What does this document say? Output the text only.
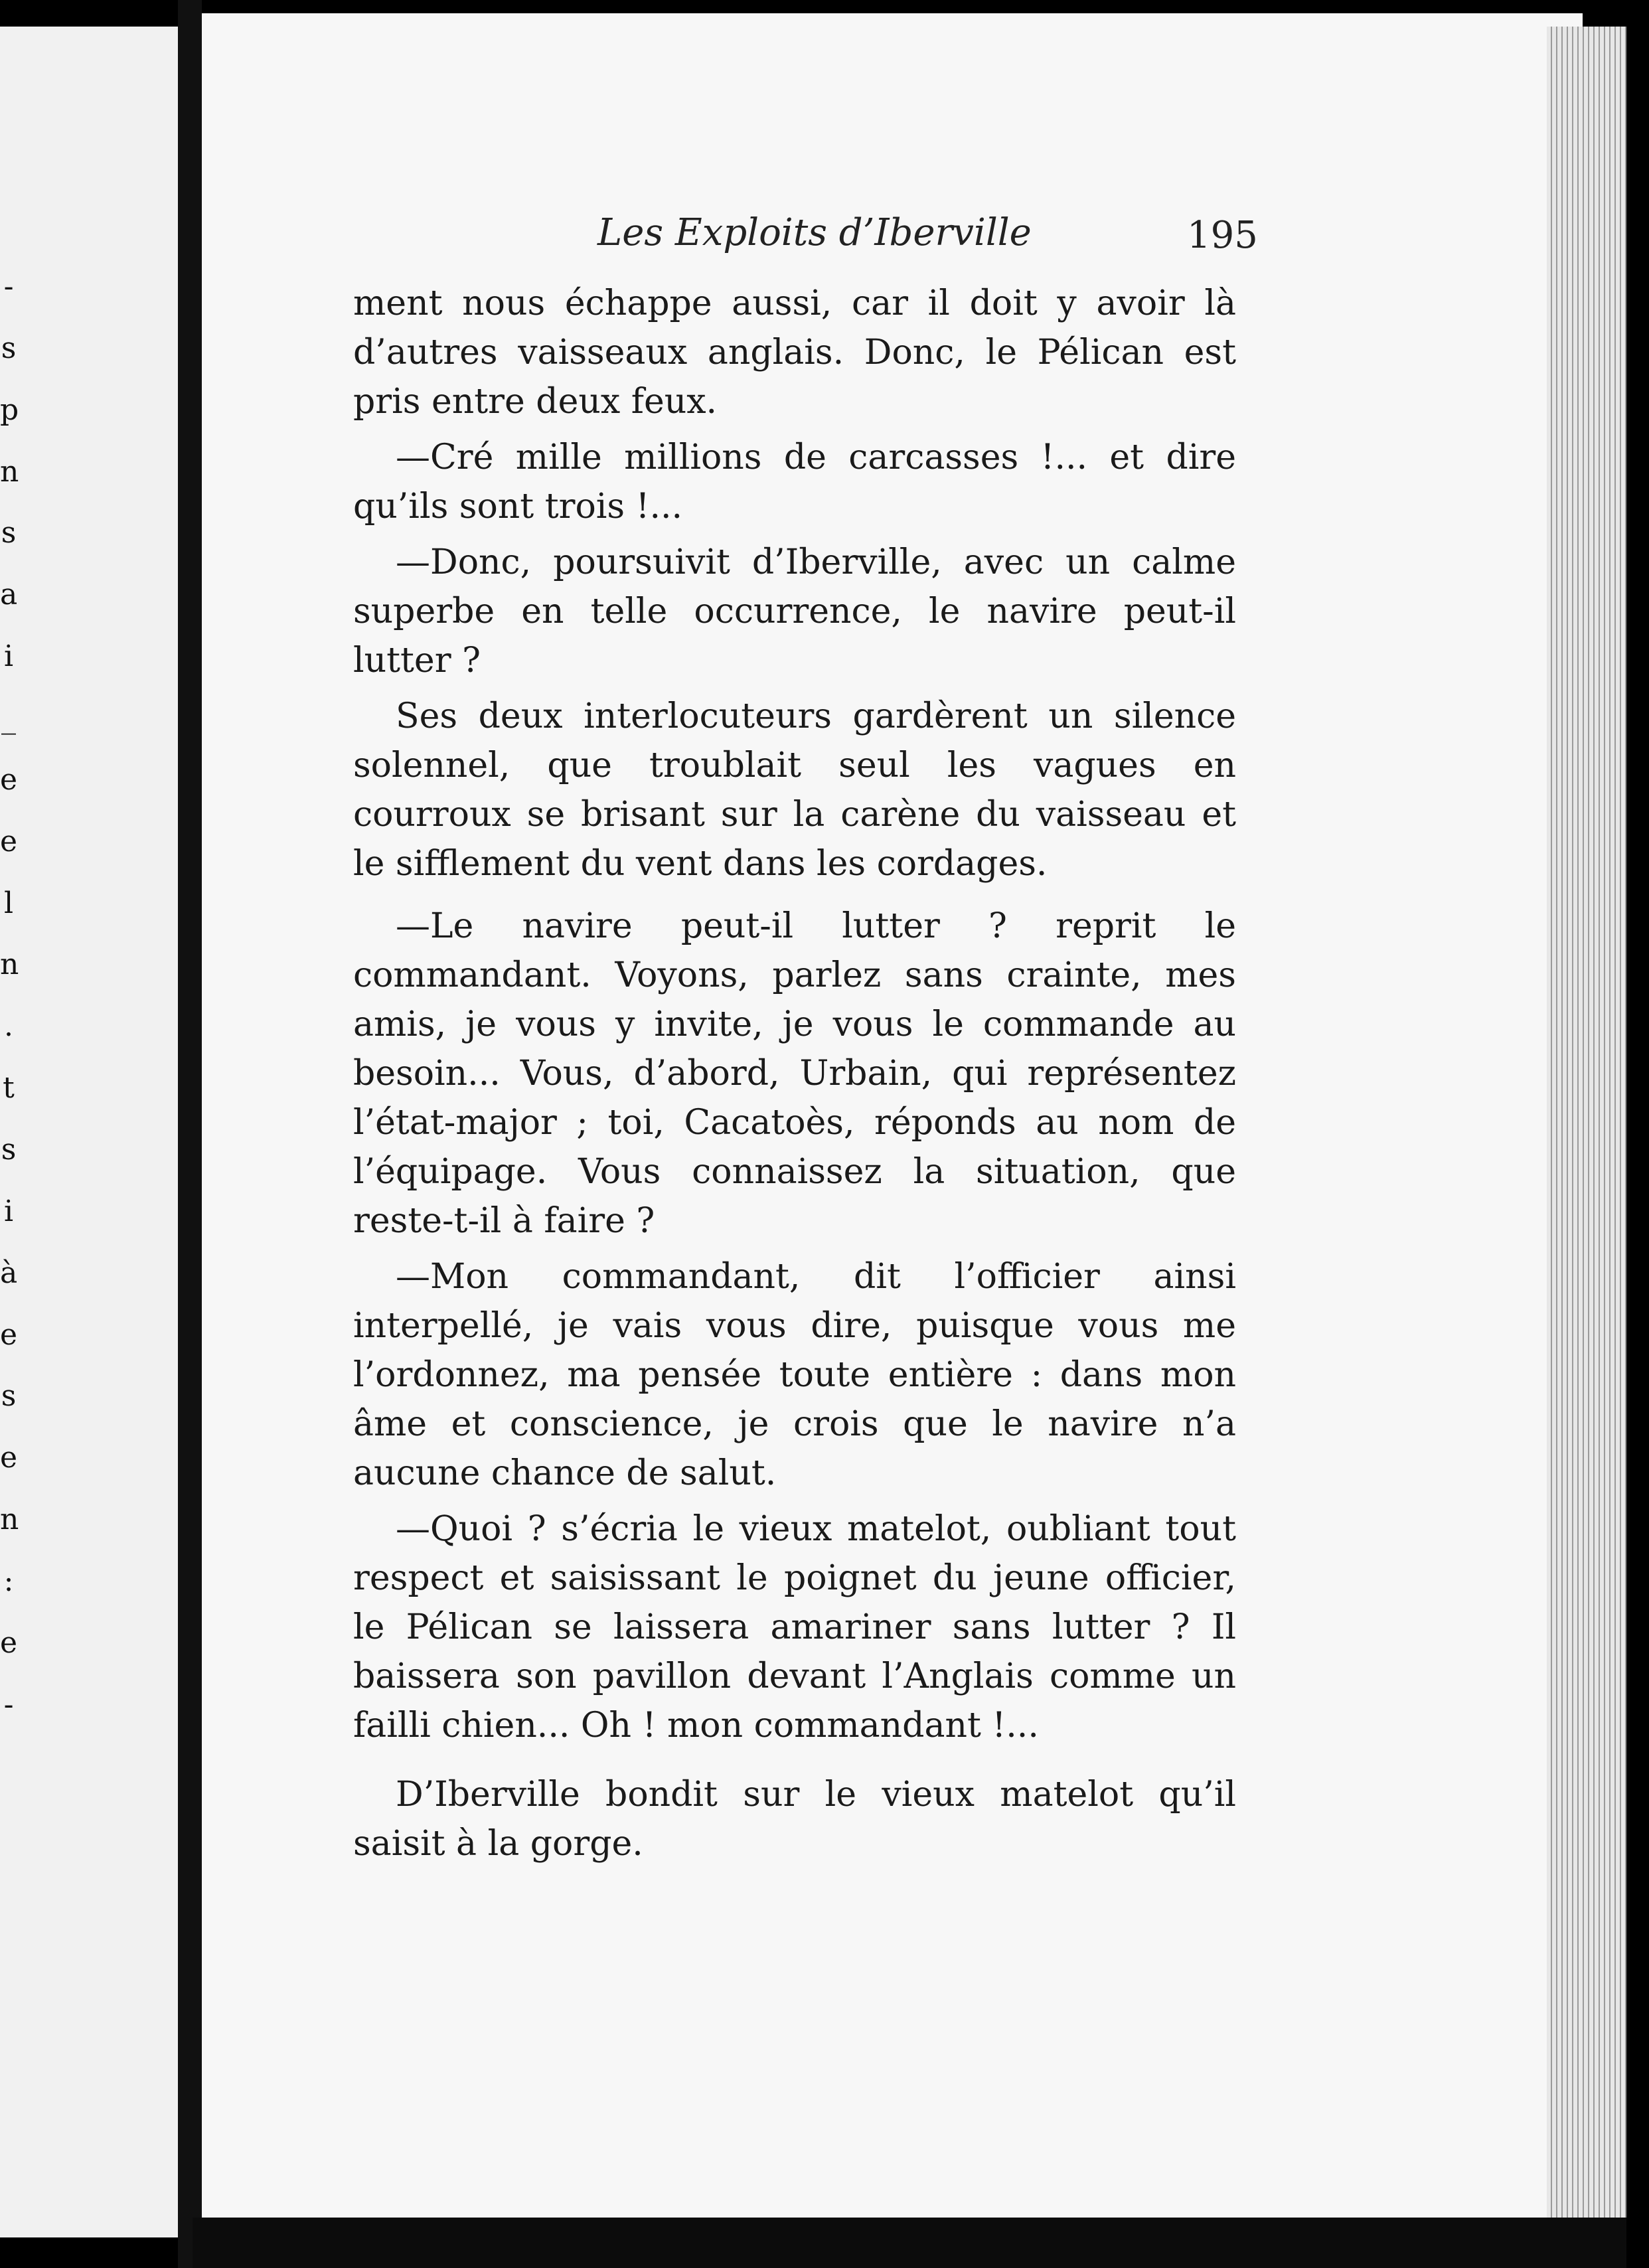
-
s
p
n
s
a
i
_
e
e
l
n
.
t
s
i
à
e
s
e
n
:
e
-
Les Exploits d’Iberville	195

ment nous échappe aussi, car il doit y avoir là d’autres vaisseaux anglais. Donc, le Pélican est pris entre deux feux.

—Cré mille millions de carcasses !... et dire qu’ils sont trois !...

—Donc, poursuivit d’Iberville, avec un calme superbe en telle occurrence, le navire peut-il lutter ?

Ses deux interlocuteurs gardèrent un silence solennel, que troublait seul les vagues en courroux se brisant sur la carène du vaisseau et le sifflement du vent dans les cordages.

—Le navire peut-il lutter ? reprit le commandant. Voyons, parlez sans crainte, mes amis, je vous y invite, je vous le commande au besoin... Vous, d’abord, Urbain, qui représentez l’état-major ; toi, Cacatoès, réponds au nom de l’équipage. Vous connaissez la situation, que reste-t-il à faire ?

—Mon commandant, dit l’officier ainsi interpellé, je vais vous dire, puisque vous me l’ordonnez, ma pensée toute entière : dans mon âme et conscience, je crois que le navire n’a aucune chance de salut.

—Quoi ? s’écria le vieux matelot, oubliant tout respect et saisissant le poignet du jeune officier, le Pélican se laissera amariner sans lutter ? Il baissera son pavillon devant l’Anglais comme un failli chien... Oh ! mon commandant !...

D’Iberville bondit sur le vieux matelot qu’il saisit à la gorge.
